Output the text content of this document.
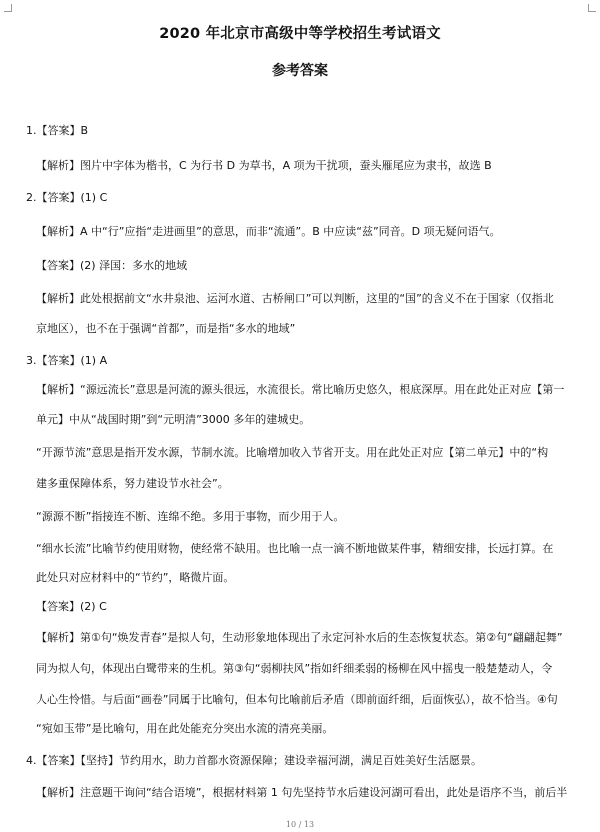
2020 年北京市高级中等学校招生考试语文
参考答案
1.【答案】B
【解析】图片中字体为楷书，C 为行书 D 为草书，A 项为干扰项，蚕头雁尾应为隶书，故选 B
2.【答案】(1) C
【解析】A 中“行”应指“走进画里”的意思，而非“流通”。B 中应读“兹”同音。D 项无疑问语气。
【答案】(2) 泽国：多水的地域
【解析】此处根据前文“水井泉池、运河水道、古桥闸口”可以判断，这里的“国”的含义不在于国家（仅指北
京地区），也不在于强调“首都”，而是指“多水的地域”
3.【答案】(1) A
【解析】“源远流长”意思是河流的源头很远，水流很长。常比喻历史悠久，根底深厚。用在此处正对应【第一
单元】中从“战国时期”到“元明清”3000 多年的建城史。
“开源节流”意思是指开发水源，节制水流。比喻增加收入节省开支。用在此处正对应【第二单元】中的“构
建多重保障体系，努力建设节水社会”。
“源源不断”指接连不断、连绵不绝。多用于事物，而少用于人。
“细水长流”比喻节约使用财物，使经常不缺用。也比喻一点一滴不断地做某件事，精细安排，长远打算。在
此处只对应材料中的“节约”，略微片面。
【答案】(2) C
【解析】第①句“焕发青春”是拟人句，生动形象地体现出了永定河补水后的生态恢复状态。第②句“翩翩起舞”
同为拟人句，体现出白鹭带来的生机。第③句“弱柳扶风”指如纤细柔弱的杨柳在风中摇曳一般楚楚动人，令
人心生怜惜。与后面“画卷”同属于比喻句，但本句比喻前后矛盾（即前面纤细，后面恢弘），故不恰当。④句
“宛如玉带”是比喻句，用在此处能充分突出水流的清亮美丽。
4.【答案】【坚持】节约用水，助力首都水资源保障；建设幸福河湖，满足百姓美好生活愿景。
【解析】注意题干询问“结合语境”，根据材料第 1 句先坚持节水后建设河湖可看出，此处是语序不当，前后半
10 / 13
